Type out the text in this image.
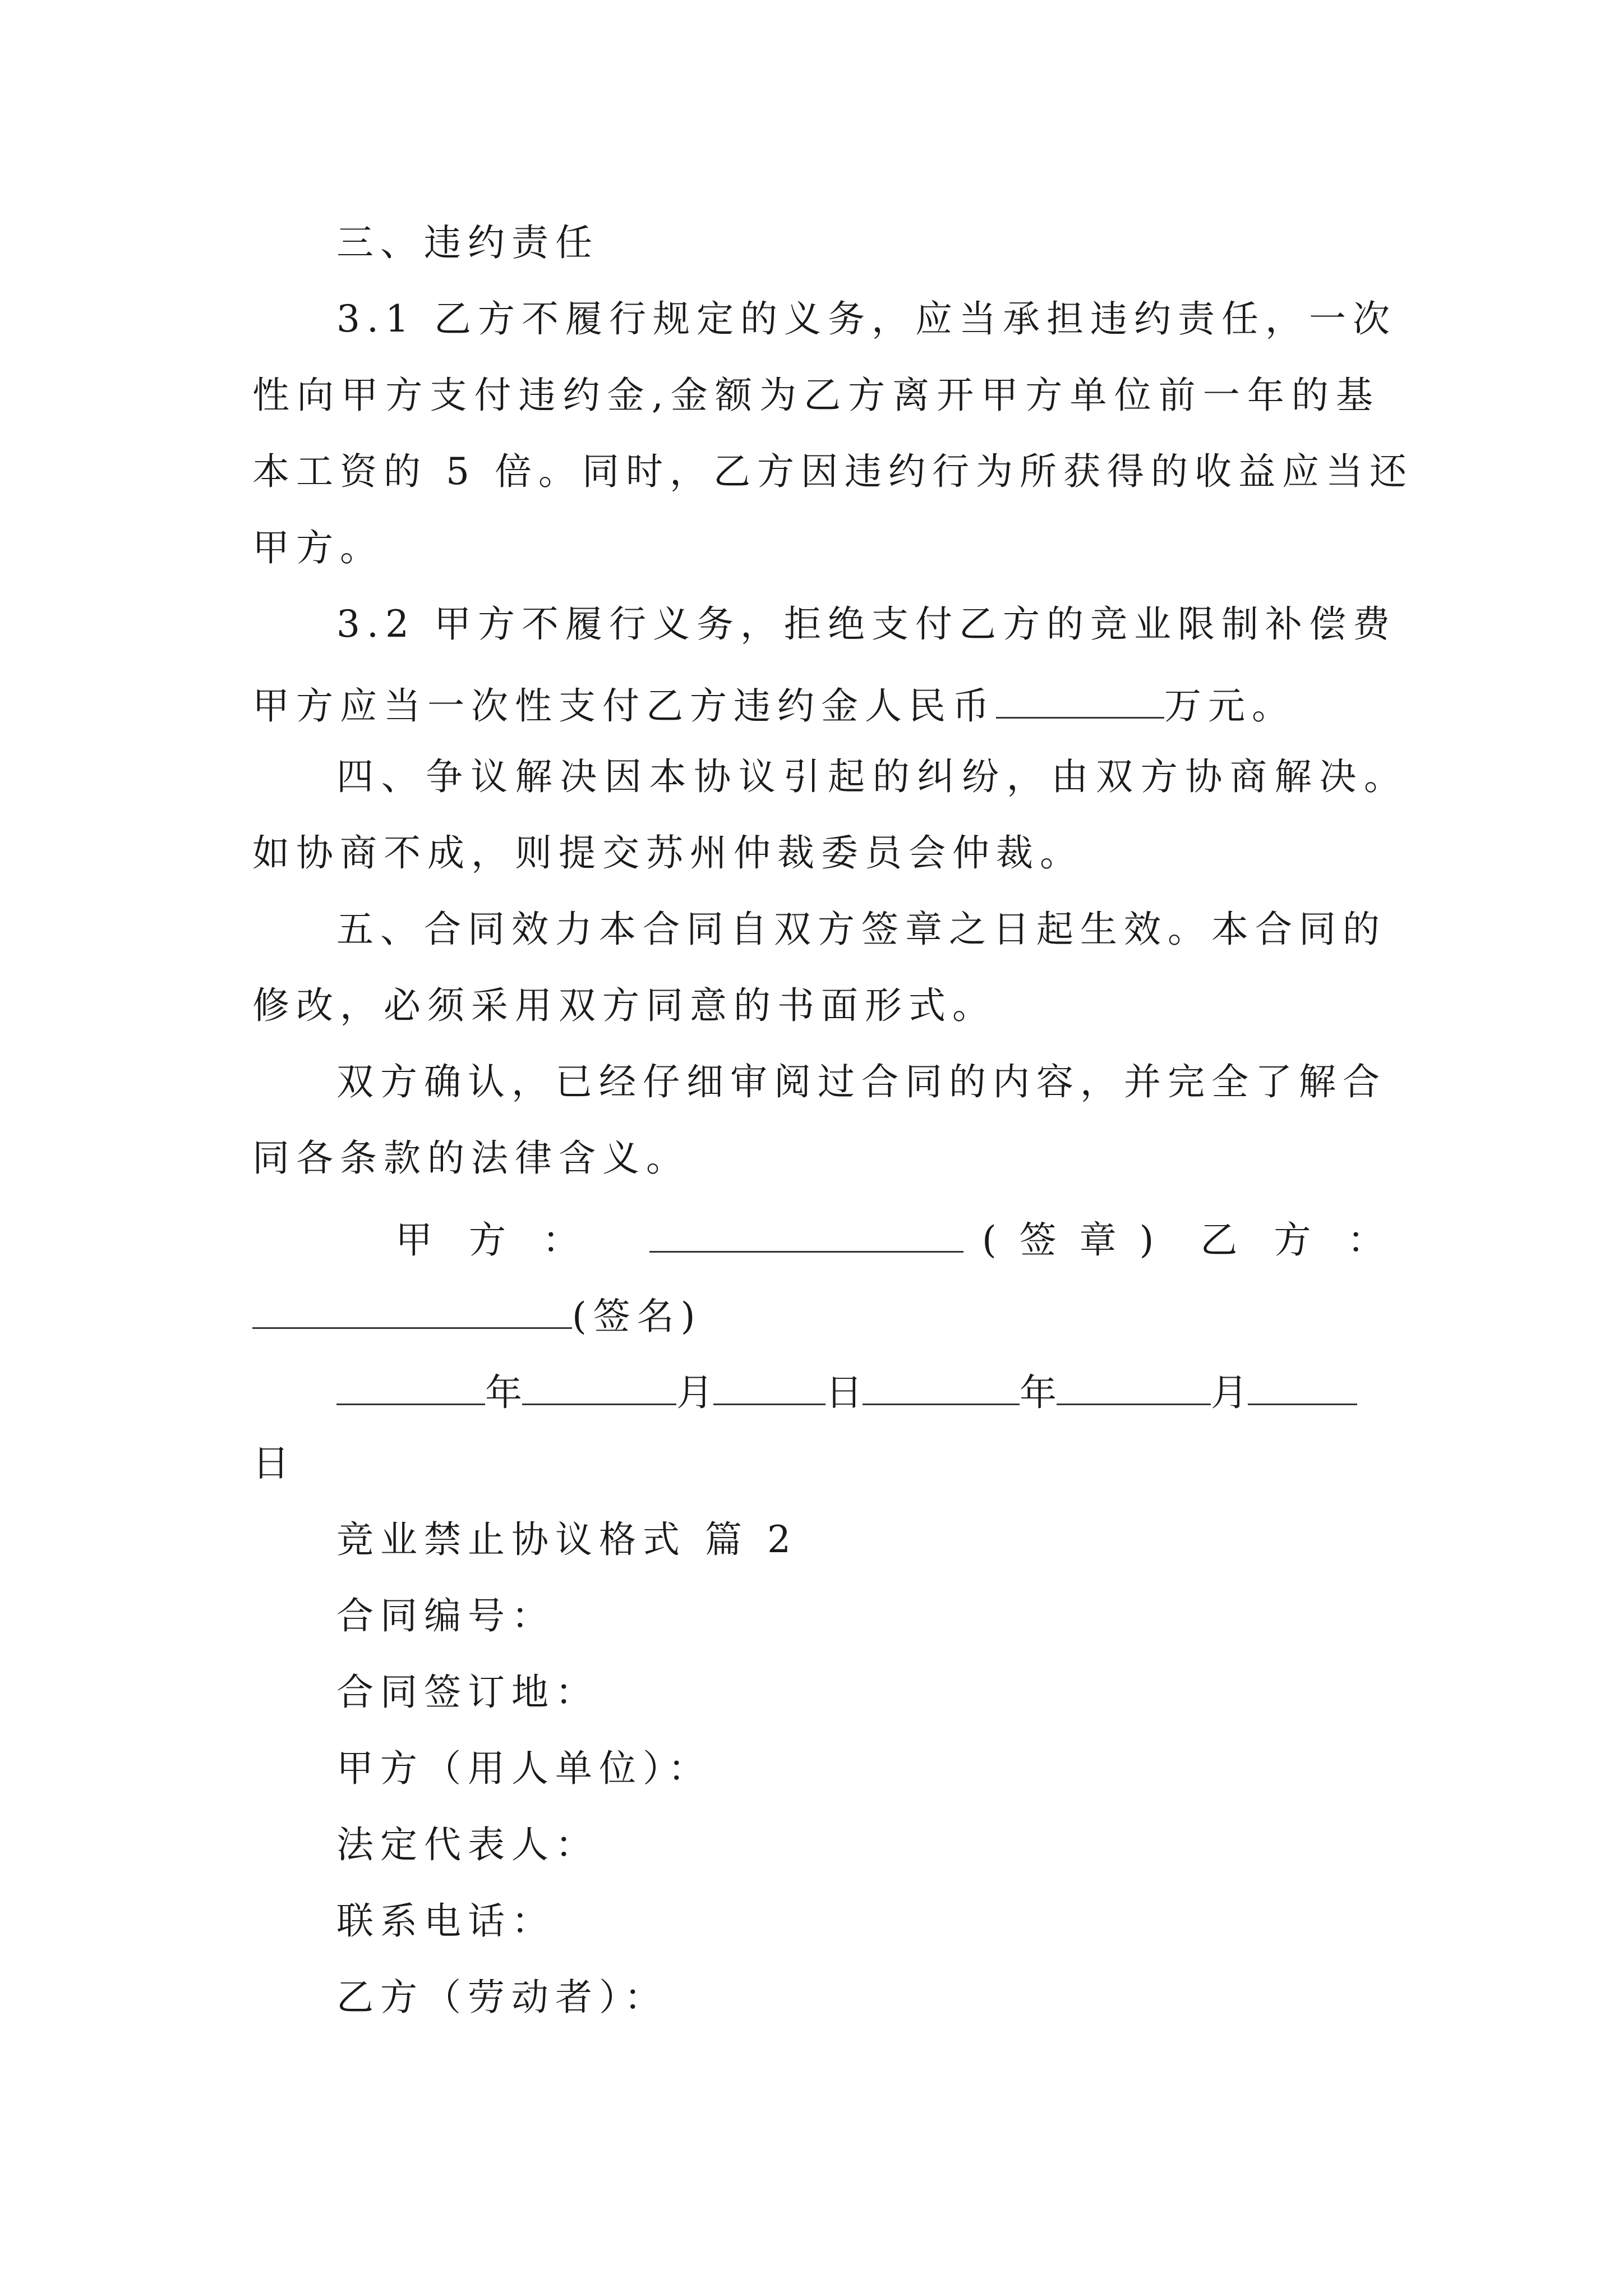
三、违约责任
3.1 乙方不履行规定的义务，应当承担违约责任，一次
性向甲方支付违约金,金额为乙方离开甲方单位前一年的基
本工资的 5 倍。同时，乙方因违约行为所获得的收益应当还
甲方。
3.2 甲方不履行义务，拒绝支付乙方的竞业限制补偿费
甲方应当一次性支付乙方违约金人民币	万元。
四、争议解决因本协议引起的纠纷，由双方协商解决。
如协商不成，则提交苏州仲裁委员会仲裁。
五、合同效力本合同自双方签章之日起生效。本合同的
修改，必须采用双方同意的书面形式。
双方确认，已经仔细审阅过合同的内容，并完全了解合
同各条款的法律含义。
甲 方 ：	( 签 章 ) 乙 方 ：
(签名)
年	月	日	年	月
日
竞业禁止协议格式 篇 2
合同编号：
合同签订地：
甲方（用人单位）：
法定代表人：
联系电话：
乙方（劳动者）：
